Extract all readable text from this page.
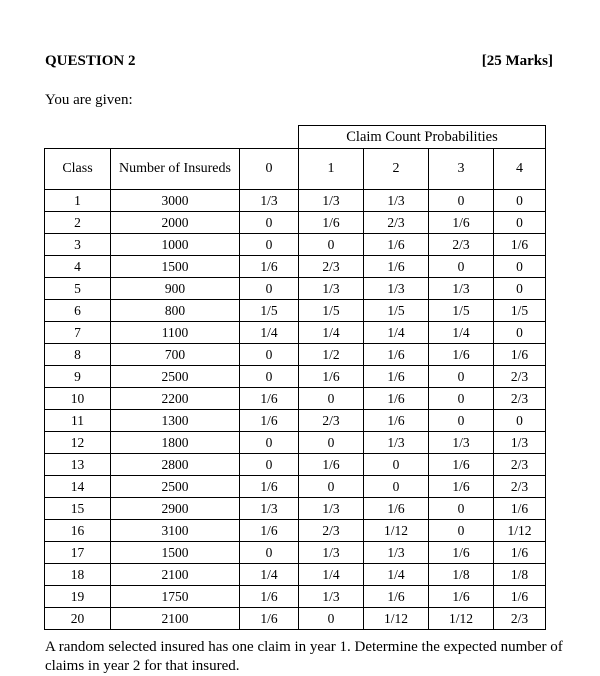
QUESTION 2	[25 Marks]
You are given:
			Claim Count Probabilities			
Class	Number of Insureds	0	1	2	3	4
1	3000	1/3	1/3	1/3	0	0
2	2000	0	1/6	2/3	1/6	0
3	1000	0	0	1/6	2/3	1/6
4	1500	1/6	2/3	1/6	0	0
5	900	0	1/3	1/3	1/3	0
6	800	1/5	1/5	1/5	1/5	1/5
7	1100	1/4	1/4	1/4	1/4	0
8	700	0	1/2	1/6	1/6	1/6
9	2500	0	1/6	1/6	0	2/3
10	2200	1/6	0	1/6	0	2/3
11	1300	1/6	2/3	1/6	0	0
12	1800	0	0	1/3	1/3	1/3
13	2800	0	1/6	0	1/6	2/3
14	2500	1/6	0	0	1/6	2/3
15	2900	1/3	1/3	1/6	0	1/6
16	3100	1/6	2/3	1/12	0	1/12
17	1500	0	1/3	1/3	1/6	1/6
18	2100	1/4	1/4	1/4	1/8	1/8
19	1750	1/6	1/3	1/6	1/6	1/6
20	2100	1/6	0	1/12	1/12	2/3
A random selected insured has one claim in year 1. Determine the expected number of claims in year 2 for that insured.
